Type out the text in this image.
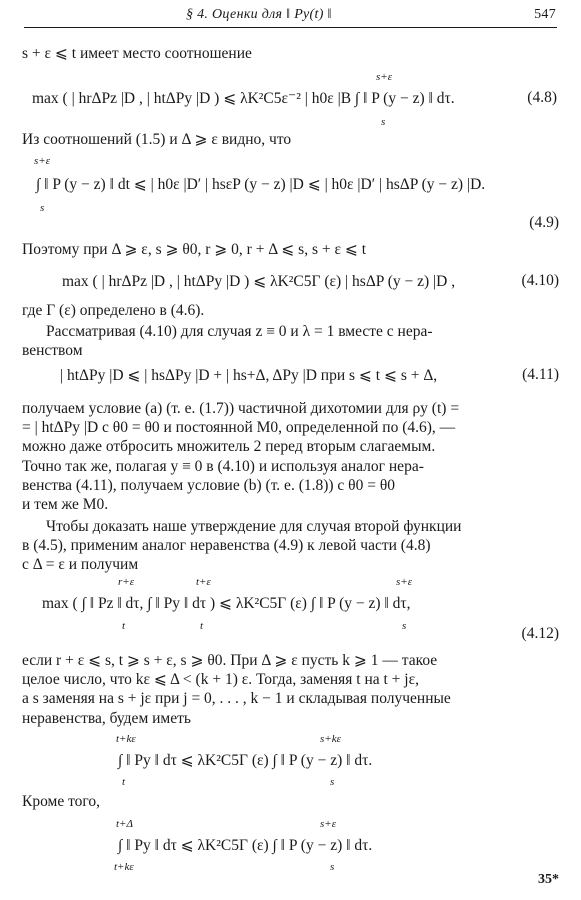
§ 4. Оценки для ‖ Py(t) ‖	547
s + ε ⩽ t имеет место соотношение
s+ε
max ( | hrΔPz |D , | htΔPy |D ) ⩽ λK²C5ε⁻² | h0ε |B ∫ ‖ P (y − z) ‖ dτ.
s
(4.8)
Из соотношений (1.5) и Δ ⩾ ε видно, что
s+ε
∫ ‖ P (y − z) ‖ dt ⩽ | h0ε |D′ | hsεP (y − z) |D ⩽ | h0ε |D′ | hsΔP (y − z) |D.
s
(4.9)
Поэтому при Δ ⩾ ε, s ⩾ θ0, r ⩾ 0, r + Δ ⩽ s, s + ε ⩽ t
max ( | hrΔPz |D , | htΔPy |D ) ⩽ λK²C5Γ (ε) | hsΔP (y − z) |D ,	(4.10)
где Γ (ε) определено в (4.6).
Рассматривая (4.10) для случая z ≡ 0 и λ = 1 вместе с нера-
венством
| htΔPy |D ⩽ | hsΔPy |D + | hs+Δ, ΔPy |D при s ⩽ t ⩽ s + Δ,	(4.11)
получаем условие (a) (т. е. (1.7)) частичной дихотомии для ρy (t) =
= | htΔPy |D с θ0 = θ0 и постоянной M0, определенной по (4.6), —
можно даже отбросить множитель 2 перед вторым слагаемым.
Точно так же, полагая y ≡ 0 в (4.10) и используя аналог нера-
венства (4.11), получаем условие (b) (т. е. (1.8)) с θ0 = θ0
и тем же M0.
Чтобы доказать наше утверждение для случая второй функции
в (4.5), применим аналог неравенства (4.9) к левой части (4.8)
с Δ = ε и получим
r+ε	t+ε	s+ε
max ( ∫ ‖ Pz ‖ dτ, ∫ ‖ Py ‖ dτ ) ⩽ λK²C5Γ (ε) ∫ ‖ P (y − z) ‖ dτ,
t	t	s	(4.12)
если r + ε ⩽ s, t ⩾ s + ε, s ⩾ θ0. При Δ ⩾ ε пусть k ⩾ 1 — такое
целое число, что kε ⩽ Δ < (k + 1) ε. Тогда, заменяя t на t + jε,
а s заменяя на s + jε при j = 0, . . . , k − 1 и складывая полученные
неравенства, будем иметь
t+kε	s+kε
∫ ‖ Py ‖ dτ ⩽ λK²C5Γ (ε) ∫ ‖ P (y − z) ‖ dτ.
t	s
Кроме того,
t+Δ	s+ε
∫ ‖ Py ‖ dτ ⩽ λK²C5Γ (ε) ∫ ‖ P (y − z) ‖ dτ.
t+kε	s
35*
